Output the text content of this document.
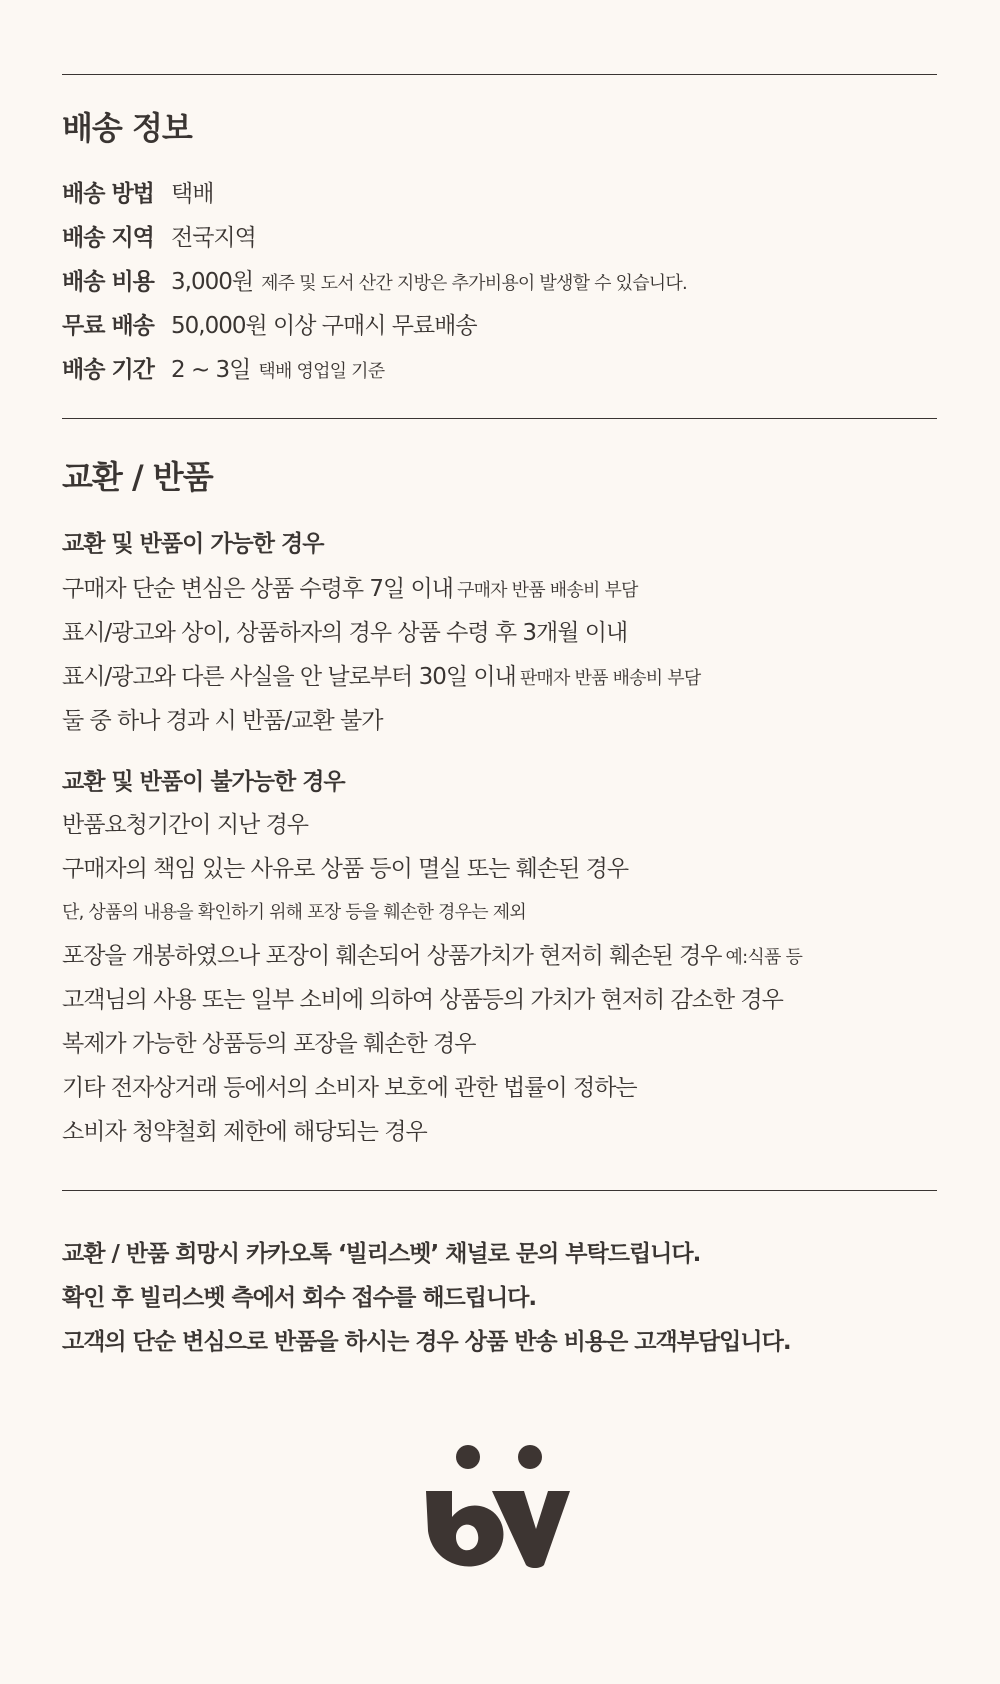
배송 정보
배송 방법 택배
배송 지역 전국지역
배송 비용 3,000원 제주 및 도서 산간 지방은 추가비용이 발생할 수 있습니다.
무료 배송 50,000원 이상 구매시 무료배송
배송 기간 2 ~ 3일 택배 영업일 기준
교환 / 반품
교환 및 반품이 가능한 경우
구매자 단순 변심은 상품 수령후 7일 이내 구매자 반품 배송비 부담
표시/광고와 상이, 상품하자의 경우 상품 수령 후 3개월 이내
표시/광고와 다른 사실을 안 날로부터 30일 이내 판매자 반품 배송비 부담
둘 중 하나 경과 시 반품/교환 불가
교환 및 반품이 불가능한 경우
반품요청기간이 지난 경우
구매자의 책임 있는 사유로 상품 등이 멸실 또는 훼손된 경우
단, 상품의 내용을 확인하기 위해 포장 등을 훼손한 경우는 제외
포장을 개봉하였으나 포장이 훼손되어 상품가치가 현저히 훼손된 경우 예:식품 등
고객님의 사용 또는 일부 소비에 의하여 상품등의 가치가 현저히 감소한 경우
복제가 가능한 상품등의 포장을 훼손한 경우
기타 전자상거래 등에서의 소비자 보호에 관한 법률이 정하는
소비자 청약철회 제한에 해당되는 경우
교환 / 반품 희망시 카카오톡 ‘빌리스벳’ 채널로 문의 부탁드립니다.
확인 후 빌리스벳 측에서 회수 접수를 해드립니다.
고객의 단순 변심으로 반품을 하시는 경우 상품 반송 비용은 고객부담입니다.
